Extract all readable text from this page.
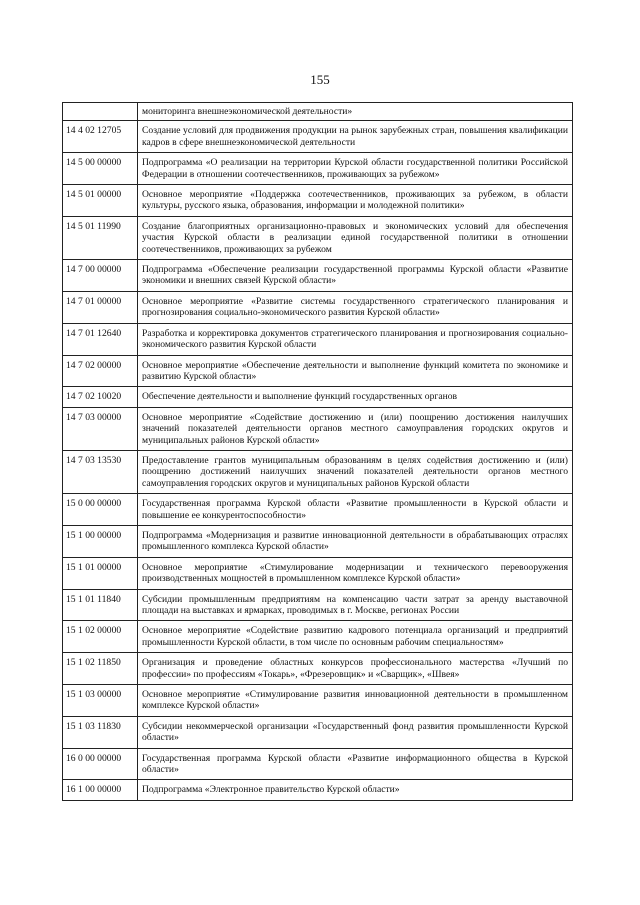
155
	мониторинга внешнеэкономической деятельности»
14 4 02 12705	Создание условий для продвижения продукции на рынок зарубежных стран, повышения квалификации кадров в сфере внешнеэкономической деятельности
14 5 00 00000	Подпрограмма «О реализации на территории Курской области государственной политики Российской Федерации в отношении соотечественников, проживающих за рубежом»
14 5 01 00000	Основное мероприятие «Поддержка соотечественников, проживающих за рубежом, в области культуры, русского языка, образования, информации и молодежной политики»
14 5 01 11990	Создание благоприятных организационно-правовых и экономических условий для обеспечения участия Курской области в реализации единой государственной политики в отношении соотечественников, проживающих за рубежом
14 7 00 00000	Подпрограмма «Обеспечение реализации государственной программы Курской области «Развитие экономики и внешних связей Курской области»
14 7 01 00000	Основное мероприятие «Развитие системы государственного стратегического планирования и прогнозирования социально-экономического развития Курской области»
14 7 01 12640	Разработка и корректировка документов стратегического планирования и прогнозирования социально-экономического развития Курской области
14 7 02 00000	Основное мероприятие «Обеспечение деятельности и выполнение функций комитета по экономике и развитию Курской области»
14 7 02 10020	Обеспечение деятельности и выполнение функций государственных органов
14 7 03 00000	Основное мероприятие «Содействие достижению и (или) поощрению достижения наилучших значений показателей деятельности органов местного самоуправления городских округов и муниципальных районов Курской области»
14 7 03 13530	Предоставление грантов муниципальным образованиям в целях содействия достижению и (или) поощрению достижений наилучших значений показателей деятельности органов местного самоуправления городских округов и муниципальных районов Курской области
15 0 00 00000	Государственная программа Курской области «Развитие промышленности в Курской области и повышение ее конкурентоспособности»
15 1 00 00000	Подпрограмма «Модернизация и развитие инновационной деятельности в обрабатывающих отраслях промышленного комплекса Курской области»
15 1 01 00000	Основное мероприятие «Стимулирование модернизации и технического перевооружения производственных мощностей в промышленном комплексе Курской области»
15 1 01 11840	Субсидии промышленным предприятиям на компенсацию части затрат за аренду выставочной площади на выставках и ярмарках, проводимых в г. Москве, регионах России
15 1 02 00000	Основное мероприятие «Содействие развитию кадрового потенциала организаций и предприятий промышленности Курской области, в том числе по основным рабочим специальностям»
15 1 02 11850	Организация и проведение областных конкурсов профессионального мастерства «Лучший по профессии» по профессиям «Токарь», «Фрезеровщик» и «Сварщик», «Швея»
15 1 03 00000	Основное мероприятие «Стимулирование развития инновационной деятельности в промышленном комплексе Курской области»
15 1 03 11830	Субсидии некоммерческой организации «Государственный фонд развития промышленности Курской области»
16 0 00 00000	Государственная программа Курской области «Развитие информационного общества в Курской области»
16 1 00 00000	Подпрограмма «Электронное правительство Курской области»
